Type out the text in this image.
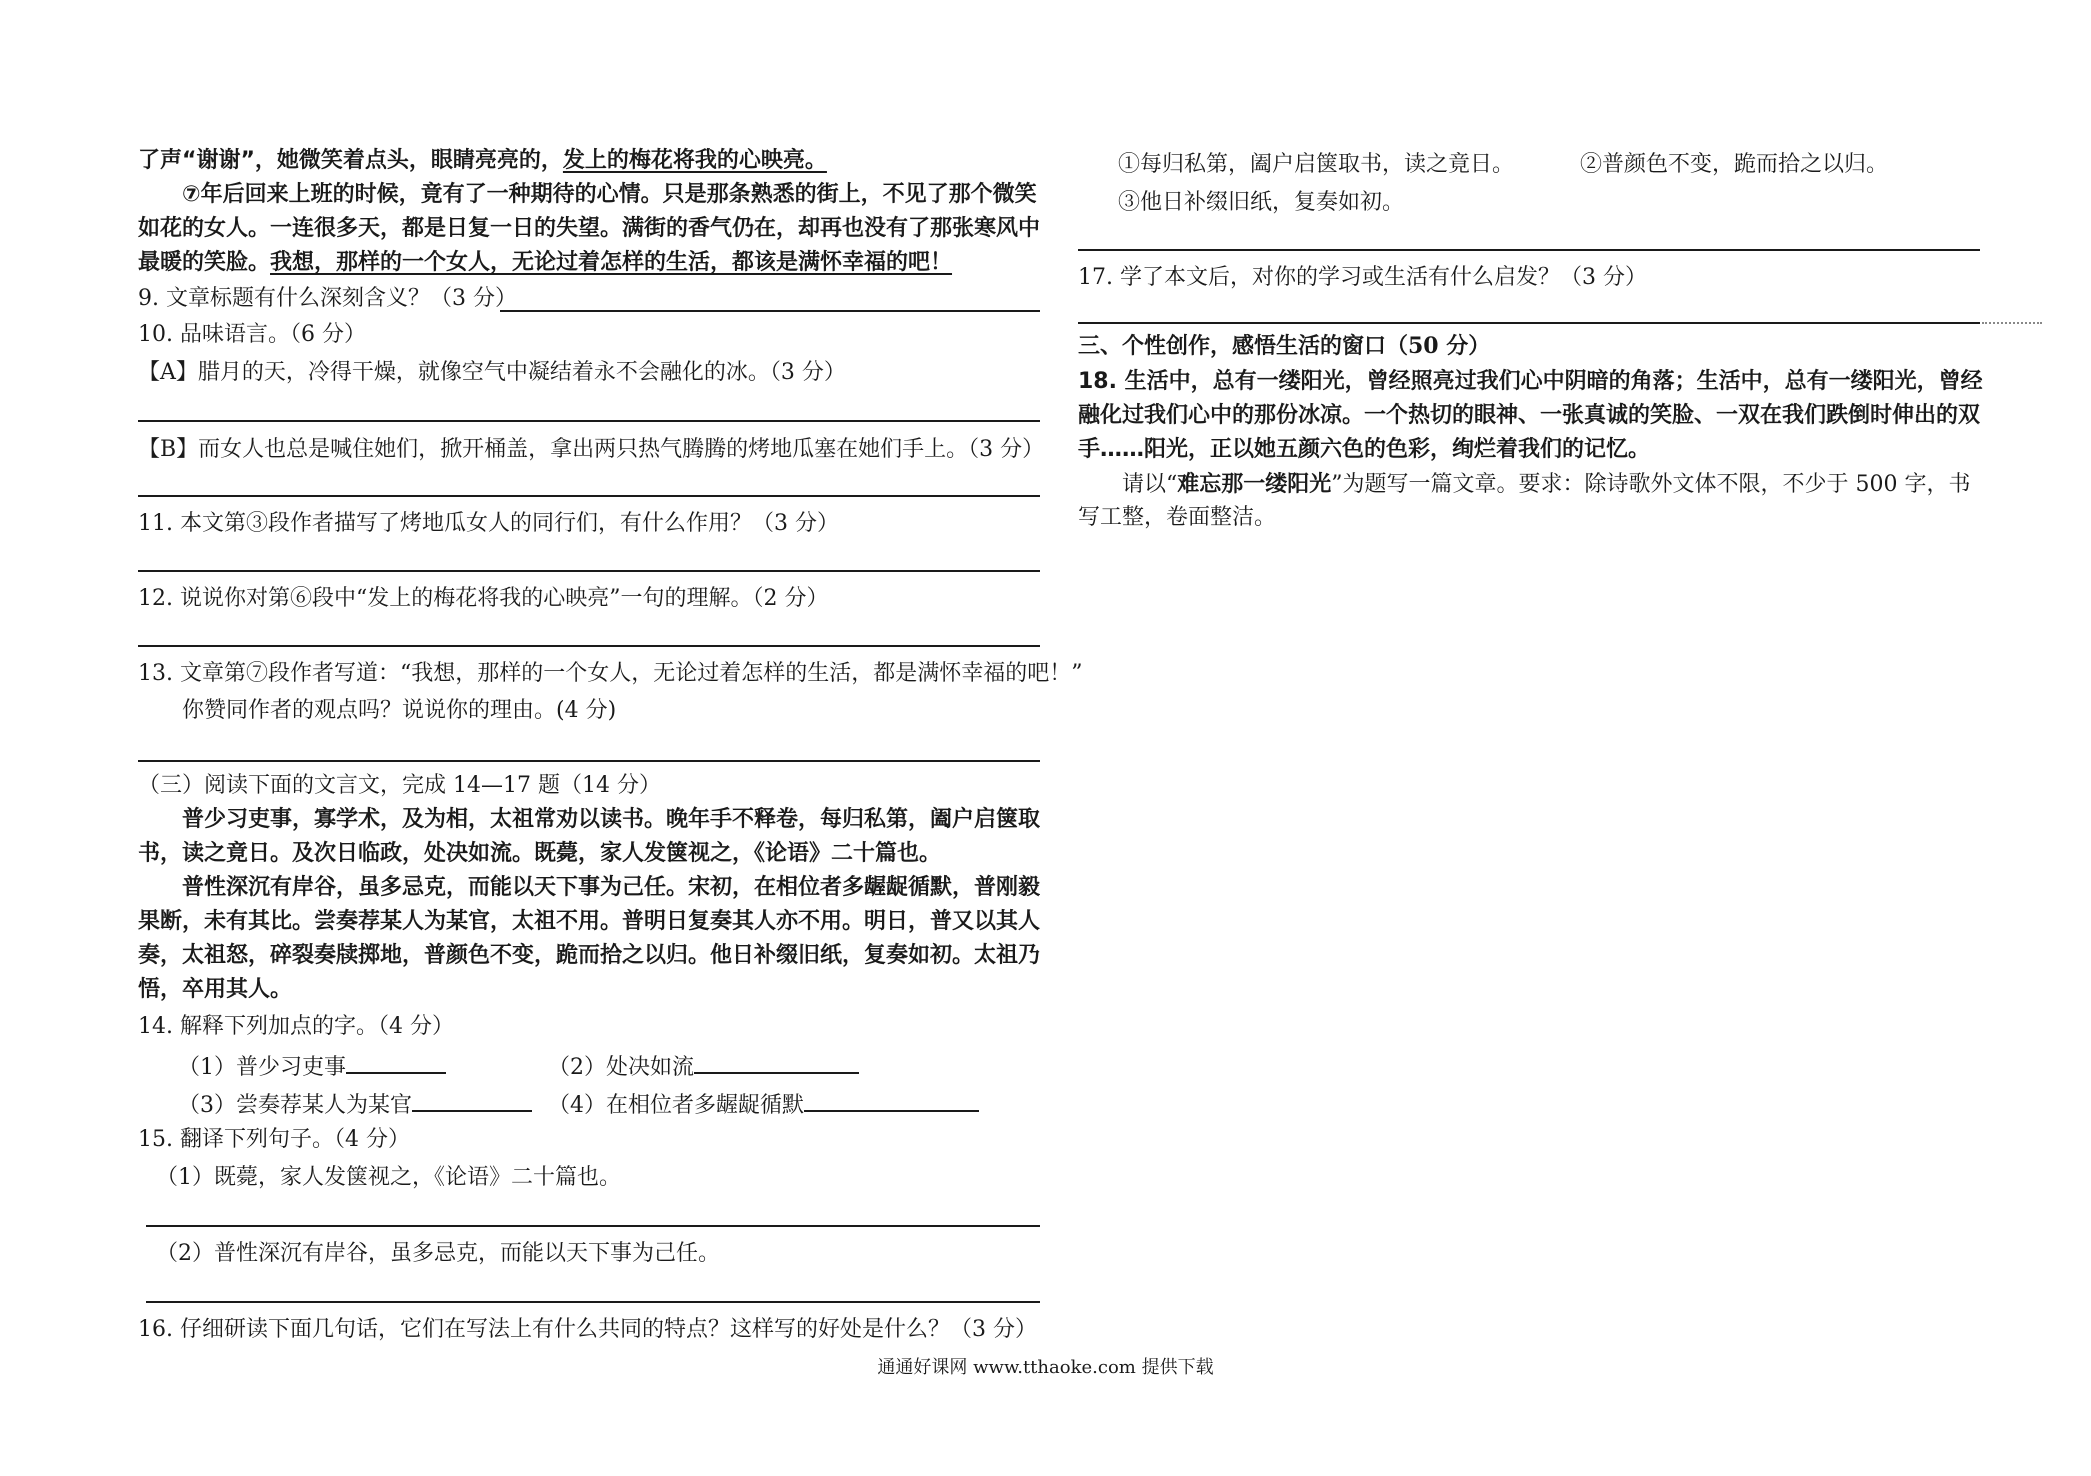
了声“谢谢”，她微笑着点头，眼睛亮亮的，发上的梅花将我的心映亮。
⑦年后回来上班的时候，竟有了一种期待的心情。只是那条熟悉的街上，不见了那个微笑
如花的女人。一连很多天，都是日复一日的失望。满街的香气仍在，却再也没有了那张寒风中
最暖的笑脸。我想，那样的一个女人，无论过着怎样的生活，都该是满怀幸福的吧！
9. 文章标题有什么深刻含义？（3 分）
10. 品味语言。（6 分）
【A】腊月的天，冷得干燥，就像空气中凝结着永不会融化的冰。（3 分）
【B】而女人也总是喊住她们，掀开桶盖，拿出两只热气腾腾的烤地瓜塞在她们手上。（3 分）
11. 本文第③段作者描写了烤地瓜女人的同行们，有什么作用？（3 分）
12. 说说你对第⑥段中“发上的梅花将我的心映亮”一句的理解。（2 分）
13. 文章第⑦段作者写道：“我想，那样的一个女人，无论过着怎样的生活，都是满怀幸福的吧！”
你赞同作者的观点吗？说说你的理由。(4 分)
（三）阅读下面的文言文，完成 14—17 题（14 分）
普少习吏事，寡学术，及为相，太祖常劝以读书。晚年手不释卷，每归私第，阖户启箧取
书，读之竟日。及次日临政，处决如流。既薨，家人发箧视之，《论语》二十篇也。
普性深沉有岸谷，虽多忌克，而能以天下事为己任。宋初，在相位者多龌龊循默，普刚毅
果断，未有其比。尝奏荐某人为某官，太祖不用。普明日复奏其人亦不用。明日，普又以其人
奏，太祖怒，碎裂奏牍掷地，普颜色不变，跪而拾之以归。他日补缀旧纸，复奏如初。太祖乃
悟，卒用其人。
14. 解释下列加点的字。（4 分）
（1）普少习吏事	（2）处决如流
（3）尝奏荐某人为某官	（4）在相位者多龌龊循默
15. 翻译下列句子。（4 分）
（1）既薨，家人发箧视之，《论语》二十篇也。
（2）普性深沉有岸谷，虽多忌克，而能以天下事为己任。
16. 仔细研读下面几句话，它们在写法上有什么共同的特点？这样写的好处是什么？（3 分）
①每归私第，阖户启箧取书，读之竟日。	②普颜色不变，跪而拾之以归。
③他日补缀旧纸，复奏如初。
17. 学了本文后，对你的学习或生活有什么启发？（3 分）
三、个性创作，感悟生活的窗口（50 分）
18. 生活中，总有一缕阳光，曾经照亮过我们心中阴暗的角落；生活中，总有一缕阳光，曾经
融化过我们心中的那份冰凉。一个热切的眼神、一张真诚的笑脸、一双在我们跌倒时伸出的双
手……阳光，正以她五颜六色的色彩，绚烂着我们的记忆。
请以“难忘那一缕阳光”为题写一篇文章。要求：除诗歌外文体不限，不少于 500 字，书
写工整，卷面整洁。
通通好课网 www.tthaoke.com 提供下载
